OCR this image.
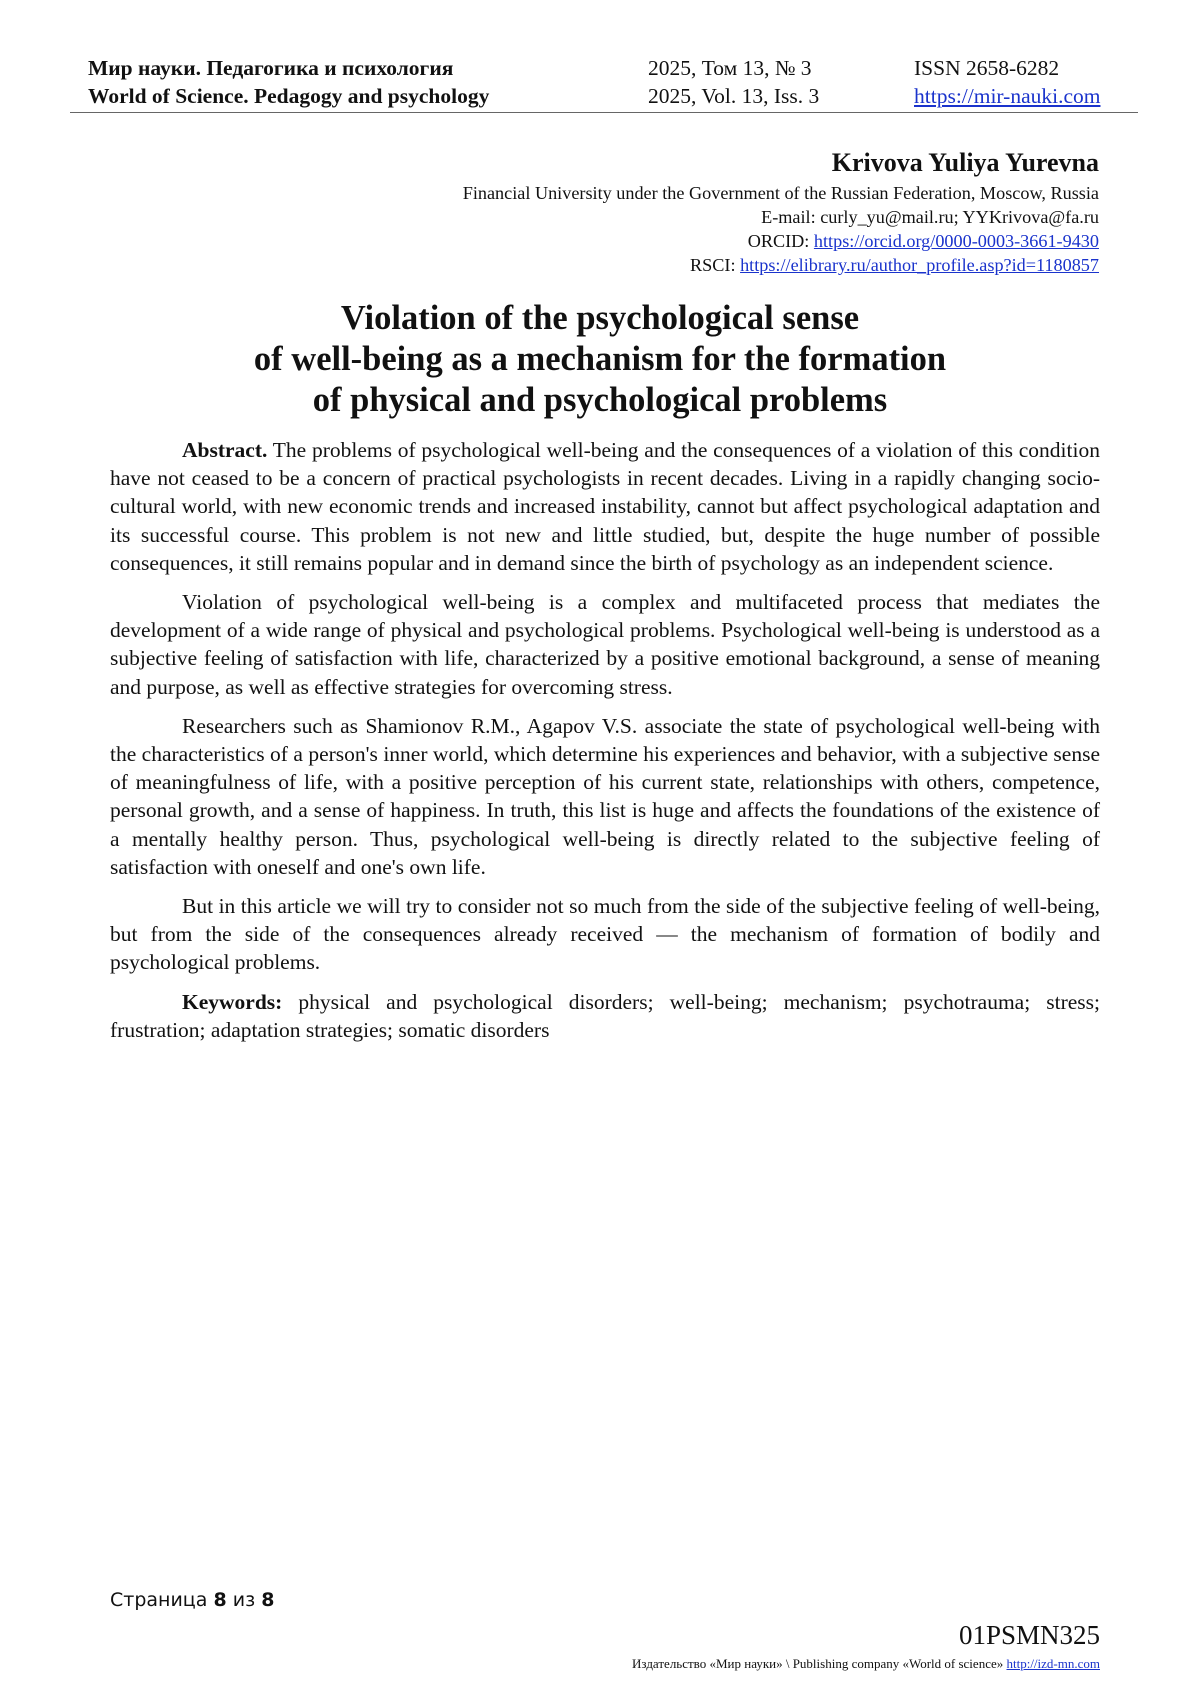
Мир науки. Педагогика и психология
World of Science. Pedagogy and psychology
2025, Том 13, № 3
2025, Vol. 13, Iss. 3
ISSN 2658-6282
https://mir-nauki.com
Krivova Yuliya Yurevna
Financial University under the Government of the Russian Federation, Moscow, Russia
E-mail: curly_yu@mail.ru; YYKrivova@fa.ru
ORCID: https://orcid.org/0000-0003-3661-9430
RSCI: https://elibrary.ru/author_profile.asp?id=1180857
Violation of the psychological sense
of well-being as a mechanism for the formation
of physical and psychological problems

Abstract. The problems of psychological well-being and the consequences of a violation of this condition have not ceased to be a concern of practical psychologists in recent decades. Living in a rapidly changing socio-cultural world, with new economic trends and increased instability, cannot but affect psychological adaptation and its successful course. This problem is not new and little studied, but, despite the huge number of possible consequences, it still remains popular and in demand since the birth of psychology as an independent science.

Violation of psychological well-being is a complex and multifaceted process that mediates the development of a wide range of physical and psychological problems. Psychological well-being is understood as a subjective feeling of satisfaction with life, characterized by a positive emotional background, a sense of meaning and purpose, as well as effective strategies for overcoming stress.

Researchers such as Shamionov R.M., Agapov V.S. associate the state of psychological well-being with the characteristics of a person's inner world, which determine his experiences and behavior, with a subjective sense of meaningfulness of life, with a positive perception of his current state, relationships with others, competence, personal growth, and a sense of happiness. In truth, this list is huge and affects the foundations of the existence of a mentally healthy person. Thus, psychological well-being is directly related to the subjective feeling of satisfaction with oneself and one's own life.

But in this article we will try to consider not so much from the side of the subjective feeling of well-being, but from the side of the consequences already received — the mechanism of formation of bodily and psychological problems.

Keywords: physical and psychological disorders; well-being; mechanism; psychotrauma; stress; frustration; adaptation strategies; somatic disorders

Страница 8 из 8
01PSMN325
Издательство «Мир науки» \ Publishing company «World of science» http://izd-mn.com
